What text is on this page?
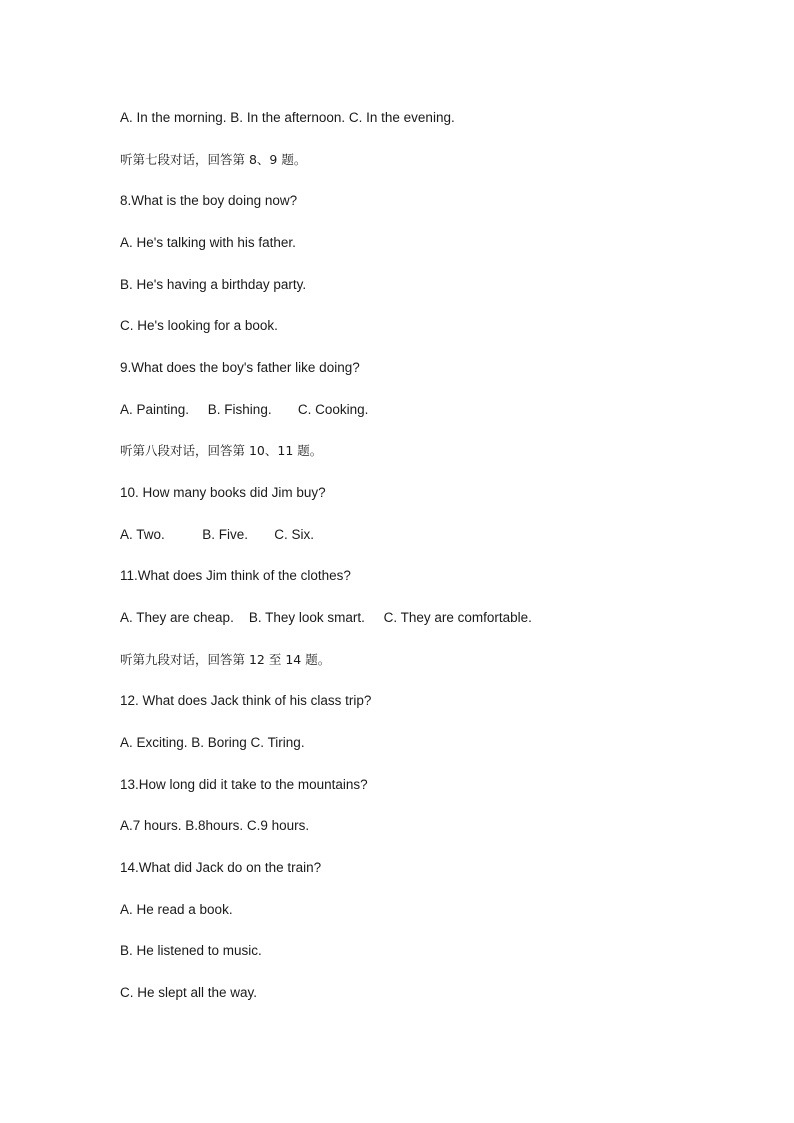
A. In the morning. B. In the afternoon. C. In the evening.
听第七段对话，回答第 8、9 题。
8.What is the boy doing now?
A. He's talking with his father.
B. He's having a birthday party.
C. He's looking for a book.
9.What does the boy's father like doing?
A. Painting.     B. Fishing.       C. Cooking.
听第八段对话，回答第 10、11 题。
10. How many books did Jim buy?
A. Two.          B. Five.       C. Six.
11.What does Jim think of the clothes?
A. They are cheap.    B. They look smart.     C. They are comfortable.
听第九段对话，回答第 12 至 14 题。
12. What does Jack think of his class trip?
A. Exciting. B. Boring C. Tiring.
13.How long did it take to the mountains?
A.7 hours. B.8hours. C.9 hours.
14.What did Jack do on the train?
A. He read a book.
B. He listened to music.
C. He slept all the way.
